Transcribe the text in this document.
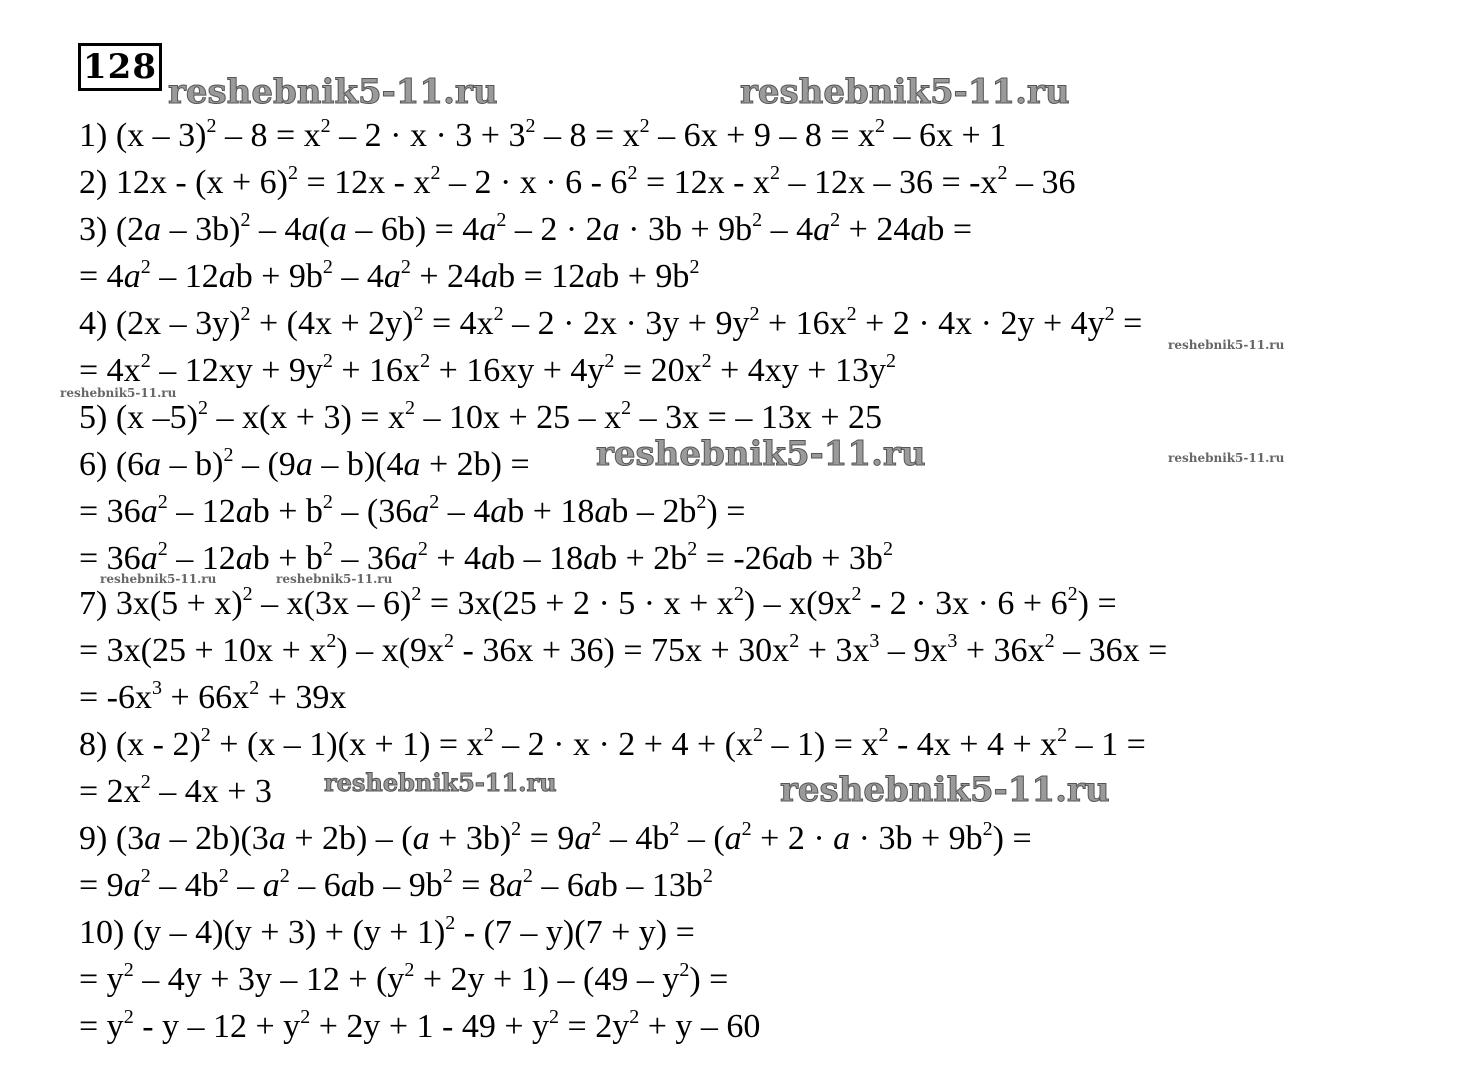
128
reshebnik5-11.ru	reshebnik5-11.ru
reshebnik5-11.ru
reshebnik5-11.ru
reshebnik5-11.ru	reshebnik5-11.ru
reshebnik5-11.ru	reshebnik5-11.ru
reshebnik5-11.ru	reshebnik5-11.ru
1) $(x - 3)^2 - 8 = x^2 - 2 \cdot x \cdot 3 + 3^2 - 8 = x^2 - 6x + 9 - 8 = x^2 - 6x + 1$
2) $12x - (x + 6)^2 = 12x - x^2 - 2 \cdot x \cdot 6 - 6^2 = 12x - x^2 - 12x - 36 = -x^2 - 36$
3) $(2a - 3b)^2 - 4a(a - 6b) = 4a^2 - 2 \cdot 2a \cdot 3b + 9b^2 - 4a^2 + 24ab$ =
= $4a^2 - 12ab + 9b^2 - 4a^2 + 24ab = 12ab + 9b^2$
4) $(2x - 3y)^2 + (4x + 2y)^2 = 4x^2 - 2 \cdot 2x \cdot 3y + 9y^2 + 16x^2 + 2 \cdot 4x \cdot 2y + 4y^2$ =
= $4x^2 - 12xy + 9y^2 + 16x^2 + 16xy + 4y^2 = 20x^2 + 4xy + 13y^2$
5) (x $-5)^2 - x(x + 3) = x^2 - 10x + 25 - x^2 - 3x$ = – 13x + 25
6) (6a – b)$^2$ – (9a – b)(4a + 2b) =
= $36a^2 - 12ab + b^2 - (36a^2 - 4ab + 18ab - 2b^2)$ =
= $36a^2 - 12ab + b^2 - 36a^2 + 4ab - 18ab + 2b^2 = -26ab + 3b^2$
7) $3x(5 + x)^2 - x(3x - 6)^2 = 3x(25 + 2 \cdot 5 \cdot x + x^2) - x(9x^2 - 2 \cdot 3x \cdot 6 + 6^2)$ =
= $3x(25 + 10x + x^2) - x(9x^2 - 36x + 36) = 75x + 30x^2 + 3x^3 - 9x^3 + 36x^2 - 36x$ =
= $-6x^3 + 66x^2 + 39x$
8) $(x - 2)^2 + (x - 1)(x + 1) = x^2 - 2 \cdot x \cdot 2 + 4 + (x^2 - 1) = x^2 - 4x + 4 + x^2 - 1$ =
= $2x^2 - 4x + 3$
9) $(3a - 2b)(3a + 2b) - (a + 3b)^2 = 9a^2 - 4b^2 - (a^2 + 2 \cdot a \cdot 3b + 9b^2)$ =
= $9a^2 - 4b^2 - a^2 - 6ab - 9b^2 = 8a^2 - 6ab - 13b^2$
10) $(y - 4)(y + 3) + (y + 1)^2 - (7 - y)(7 + y)$ =
= $y^2 - 4y + 3y - 12 + (y^2 + 2y + 1) - (49 - y^2)$ =
= $y^2 - y - 12 + y^2 + 2y + 1 - 49 + y^2 = 2y^2 + y - 60$
